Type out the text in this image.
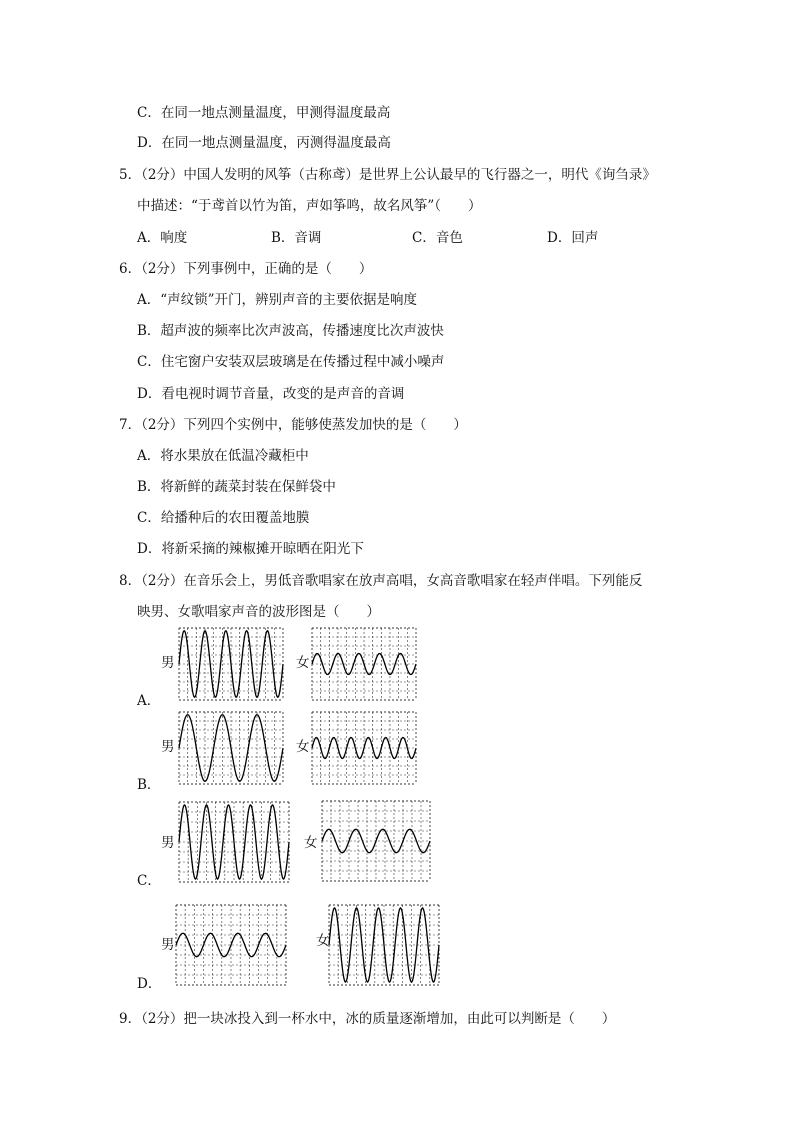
C．在同一地点测量温度，甲测得温度最高
D．在同一地点测量温度，丙测得温度最高
5．（2分）中国人发明的风筝（古称鸢）是世界上公认最早的飞行器之一，明代《询刍录》
中描述：“于鸢首以竹为笛，声如筝鸣，故名风筝”（　　）
A．响度	B．音调	C．音色	D．回声
6．（2分）下列事例中，正确的是（　　）
A．“声纹锁”开门，辨别声音的主要依据是响度
B．超声波的频率比次声波高，传播速度比次声波快
C．住宅窗户安装双层玻璃是在传播过程中减小噪声
D．看电视时调节音量，改变的是声音的音调
7．（2分）下列四个实例中，能够使蒸发加快的是（　　）
A．将水果放在低温冷藏柜中
B．将新鲜的蔬菜封装在保鲜袋中
C．给播种后的农田覆盖地膜
D．将新采摘的辣椒摊开晾晒在阳光下
8．（2分）在音乐会上，男低音歌唱家在放声高唱，女高音歌唱家在轻声伴唱。下列能反
映男、女歌唱家声音的波形图是（　　）
A．
男	女
B．
男	女
C．
男	女
D．
男	女
9．（2分）把一块冰投入到一杯水中，冰的质量逐渐增加，由此可以判断是（　　）
